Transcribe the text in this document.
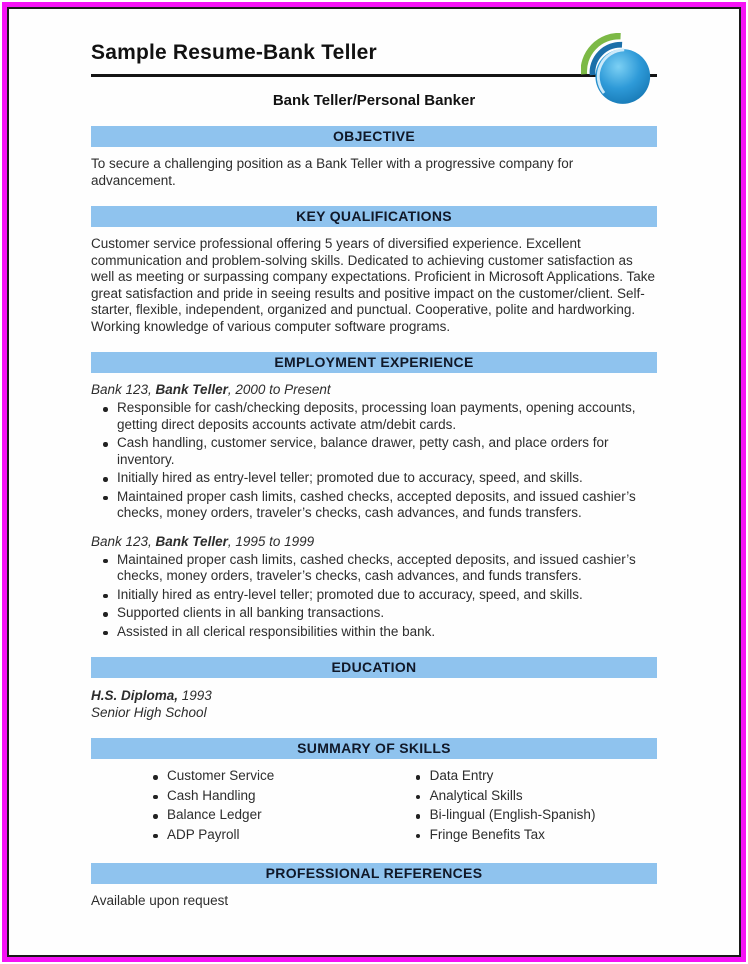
Sample Resume-Bank Teller
Bank Teller/Personal Banker
OBJECTIVE

To secure a challenging position as a Bank Teller with a progressive company for advancement.

KEY QUALIFICATIONS

Customer service professional offering 5 years of diversified experience. Excellent communication and problem-solving skills. Dedicated to achieving customer satisfaction as well as meeting or surpassing company expectations. Proficient in Microsoft Applications. Take great satisfaction and pride in seeing results and positive impact on the customer/client. Self-starter, flexible, independent, organized and punctual. Cooperative, polite and hardworking. Working knowledge of various computer software programs.

EMPLOYMENT EXPERIENCE

Bank 123, Bank Teller, 2000 to Present

Responsible for cash/checking deposits, processing loan payments, opening accounts, getting direct deposits accounts activate atm/debit cards.
Cash handling, customer service, balance drawer, petty cash, and place orders for inventory.
Initially hired as entry-level teller; promoted due to accuracy, speed, and skills.
Maintained proper cash limits, cashed checks, accepted deposits, and issued cashier’s checks, money orders, traveler’s checks, cash advances, and funds transfers.

Bank 123, Bank Teller, 1995 to 1999

Maintained proper cash limits, cashed checks, accepted deposits, and issued cashier’s checks, money orders, traveler’s checks, cash advances, and funds transfers.
Initially hired as entry-level teller; promoted due to accuracy, speed, and skills.
Supported clients in all banking transactions.
Assisted in all clerical responsibilities within the bank.
EDUCATION

H.S. Diploma, 1993

Senior High School

SUMMARY OF SKILLS
Customer Service
Cash Handling
Balance Ledger
ADP Payroll
Data Entry
Analytical Skills
Bi-lingual (English-Spanish)
Fringe Benefits Tax
PROFESSIONAL REFERENCES

Available upon request
